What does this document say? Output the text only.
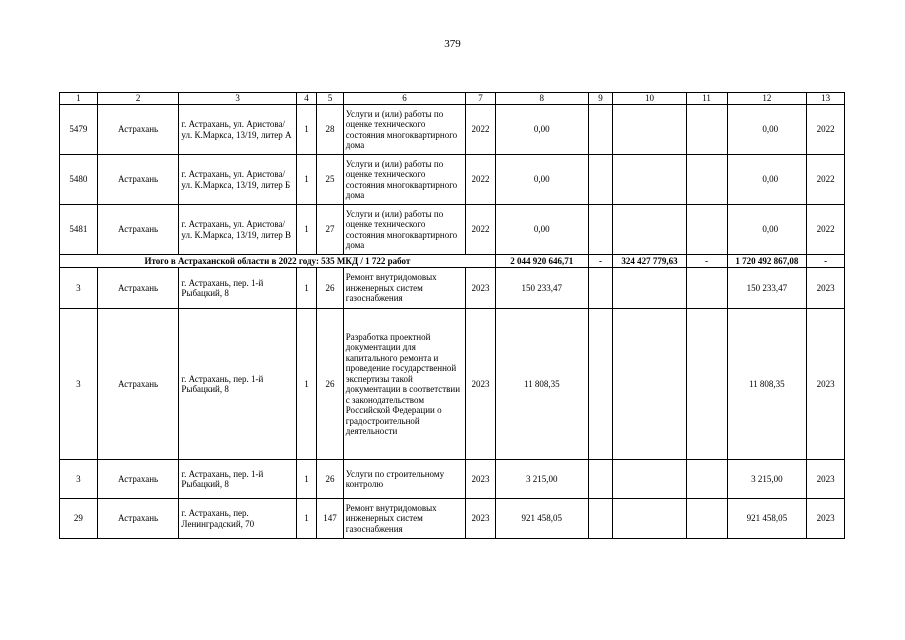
379
1	2	3	4	5	6	7	8	9	10	11	12	13
5479	Астрахань	г. Астрахань, ул. Аристова/ ул. К.Маркса, 13/19, литер А	1	28	Услуги и (или) работы по оценке технического состояния многоквартирного дома	2022	0,00				0,00	2022
5480	Астрахань	г. Астрахань, ул. Аристова/ ул. К.Маркса, 13/19, литер Б	1	25	Услуги и (или) работы по оценке технического состояния многоквартирного дома	2022	0,00				0,00	2022
5481	Астрахань	г. Астрахань, ул. Аристова/ ул. К.Маркса, 13/19, литер В	1	27	Услуги и (или) работы по оценке технического состояния многоквартирного дома	2022	0,00				0,00	2022
Итого в Астраханской области в 2022 году: 535 МКД / 1 722 работ							2 044 920 646,71	-	324 427 779,63	-	1 720 492 867,08	-
3	Астрахань	г. Астрахань, пер. 1-й Рыбацкий, 8	1	26	Ремонт внутридомовых инженерных систем газоснабжения	2023	150 233,47				150 233,47	2023
3	Астрахань	г. Астрахань, пер. 1-й Рыбацкий, 8	1	26	Разработка проектной документации для капитального ремонта и проведение государственной экспертизы такой документации в соответствии с законодательством Российской Федерации о градостроительной деятельности	2023	11 808,35				11 808,35	2023
3	Астрахань	г. Астрахань, пер. 1-й Рыбацкий, 8	1	26	Услуги по строительному контролю	2023	3 215,00				3 215,00	2023
29	Астрахань	г. Астрахань, пер. Ленинградский, 70	1	147	Ремонт внутридомовых инженерных систем газоснабжения	2023	921 458,05				921 458,05	2023
